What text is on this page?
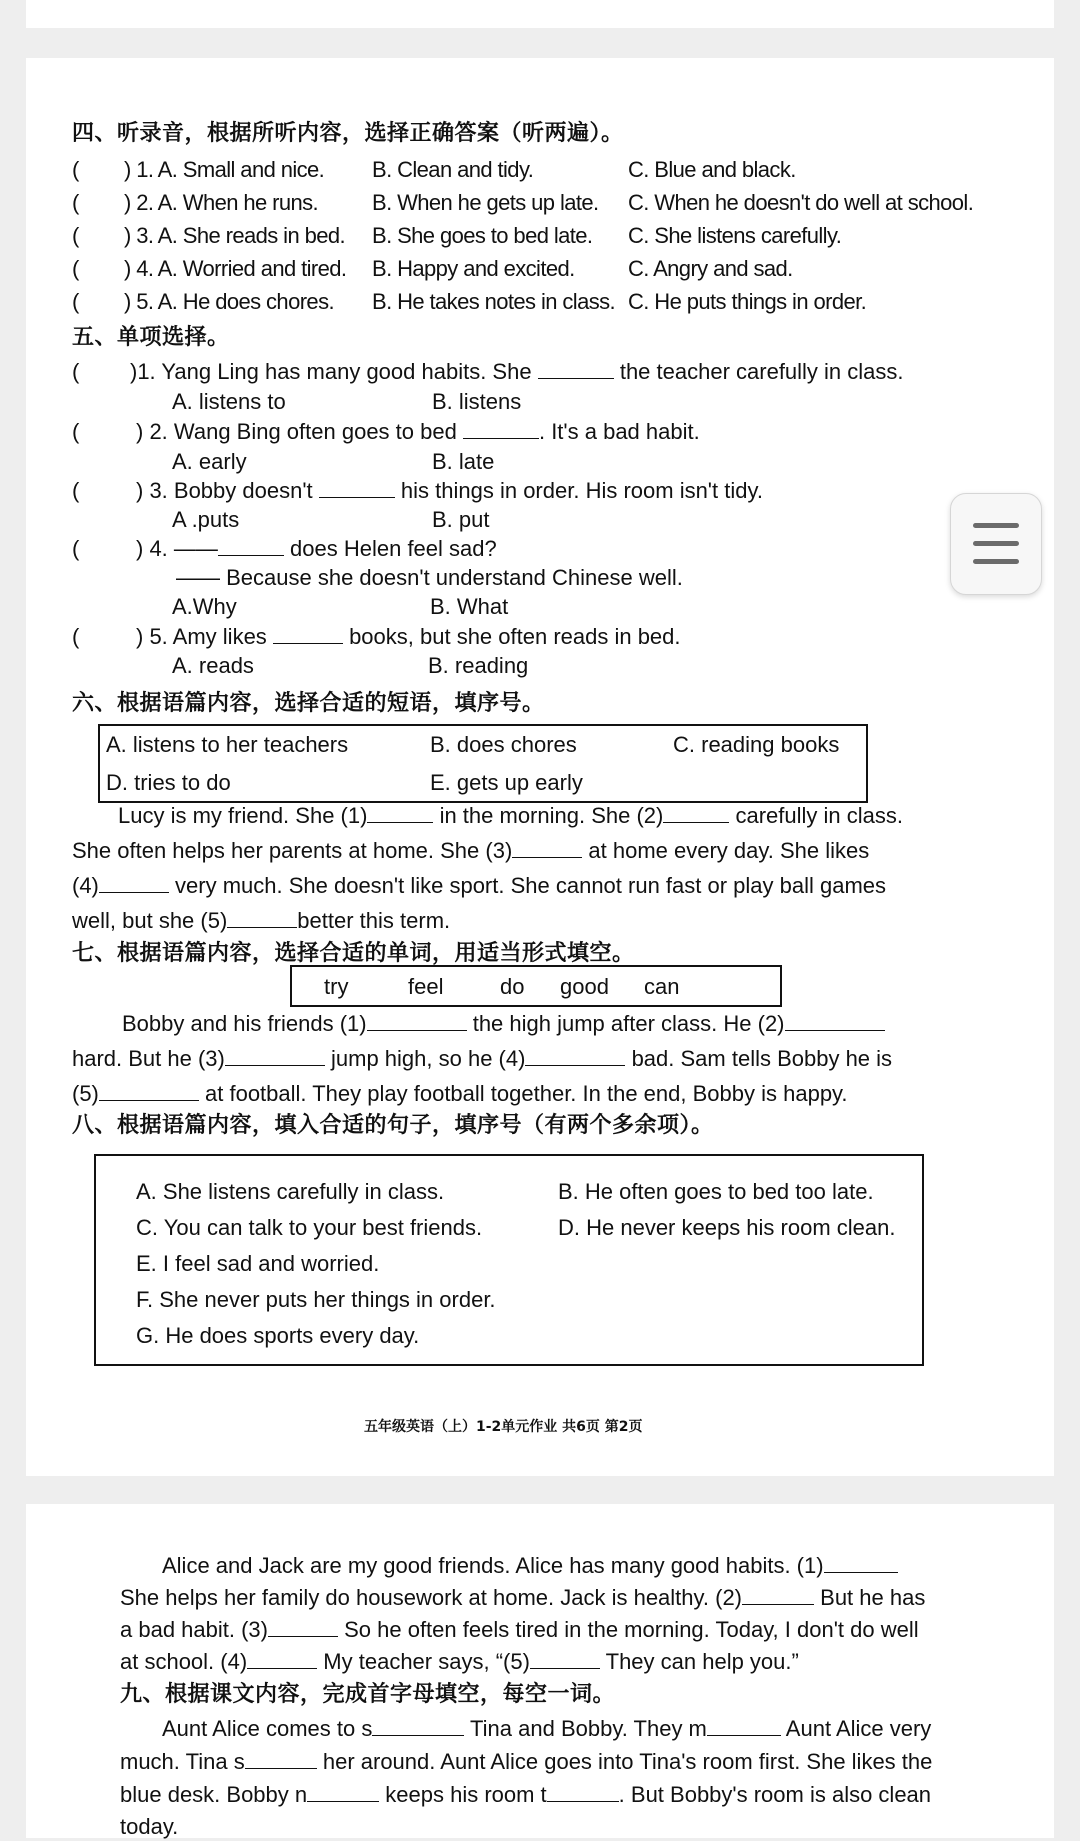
四、听录音，根据所听内容，选择正确答案（听两遍）。
( ) 1. A. Small and nice. B. Clean and tidy.	C. Blue and black.
( ) 2. A. When he runs. B. When he gets up late. C. When he doesn't do well at school.
( ) 3. A. She reads in bed. B. She goes to bed late. C. She listens carefully.
( ) 4. A. Worried and tired. B. Happy and excited. C. Angry and sad.
( ) 5. A. He does chores. B. He takes notes in class. C. He puts things in order.
五、单项选择。
( )1. Yang Ling has many good habits. She	the teacher carefully in class.
A. listens to	B. listens
(	) 2. Wang Bing often goes to bed	. It's a bad habit.
A. early	B. late
(	) 3. Bobby doesn't	his things in order. His room isn't tidy.
A .puts	B. put
(	) 4. ——	does Helen feel sad?
—— Because she doesn't understand Chinese well.
A.Why	B. What
(	) 5. Amy likes	books, but she often reads in bed.
A. reads	B. reading
六、根据语篇内容，选择合适的短语，填序号。
A. listens to her teachers	B. does chores	C. reading books
D. tries to do	E. gets up early
Lucy is my friend. She (1)	in the morning. She (2)	carefully in class.
She often helps her parents at home. She (3)	at home every day. She likes
(4)	very much. She doesn't like sport. She cannot run fast or play ball games
well, but she (5)	better this term.
七、根据语篇内容，选择合适的单词，用适当形式填空。
try	feel	do good can
Bobby and his friends (1)	the high jump after class. He (2)
hard. But he (3)	jump high, so he (4)	bad. Sam tells Bobby he is
(5)	at football. They play football together. In the end, Bobby is happy.
八、根据语篇内容，填入合适的句子，填序号（有两个多余项）。
A. She listens carefully in class.	B. He often goes to bed too late.
C. You can talk to your best friends.	D. He never keeps his room clean.
E. I feel sad and worried.
F. She never puts her things in order.
G. He does sports every day.
五年级英语（上）1-2单元作业 共6页 第2页
Alice and Jack are my good friends. Alice has many good habits. (1)
She helps her family do housework at home. Jack is healthy. (2)	But he has
a bad habit. (3)	So he often feels tired in the morning. Today, I don't do well
at school. (4)	My teacher says, “(5)	They can help you.”
九、根据课文内容，完成首字母填空，每空一词。
Aunt Alice comes to s	Tina and Bobby. They m	Aunt Alice very
much. Tina s	her around. Aunt Alice goes into Tina's room first. She likes the
blue desk. Bobby n	keeps his room t	. But Bobby's room is also clean
today.
